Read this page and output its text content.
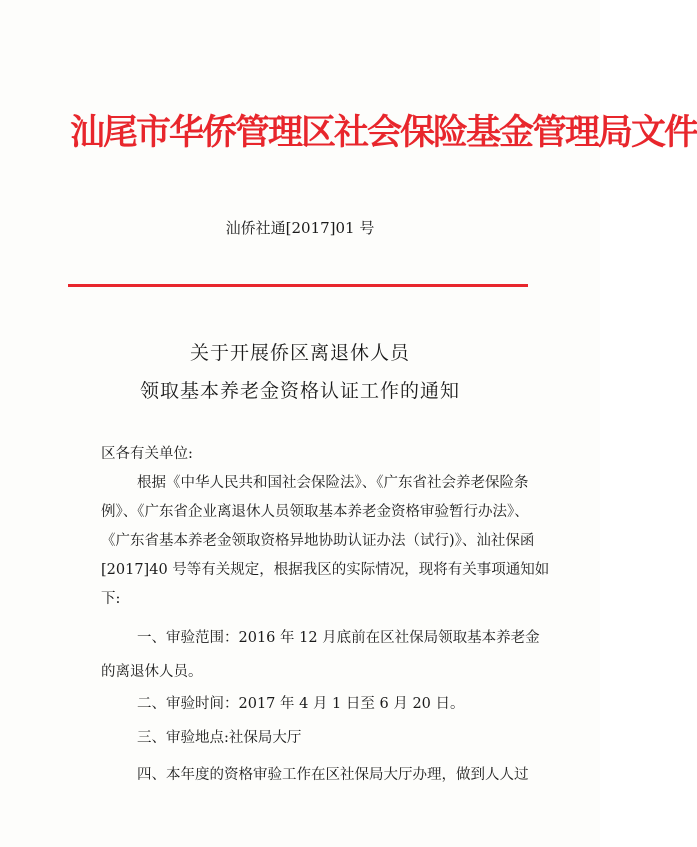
汕尾市华侨管理区社会保险基金管理局文件
汕侨社通[2017]01 号
关于开展侨区离退休人员
领取基本养老金资格认证工作的通知
区各有关单位:
根据《中华人民共和国社会保险法》、《广东省社会养老保险条
例》、《广东省企业离退休人员领取基本养老金资格审验暂行办法》、
《广东省基本养老金领取资格异地协助认证办法（试行)》、汕社保函
[2017]40 号等有关规定，根据我区的实际情况，现将有关事项通知如
下:
一、审验范围：2016 年 12 月底前在区社保局领取基本养老金
的离退休人员。
二、审验时间：2017 年 4 月 1 日至 6 月 20 日。
三、审验地点:社保局大厅
四、本年度的资格审验工作在区社保局大厅办理，做到人人过
